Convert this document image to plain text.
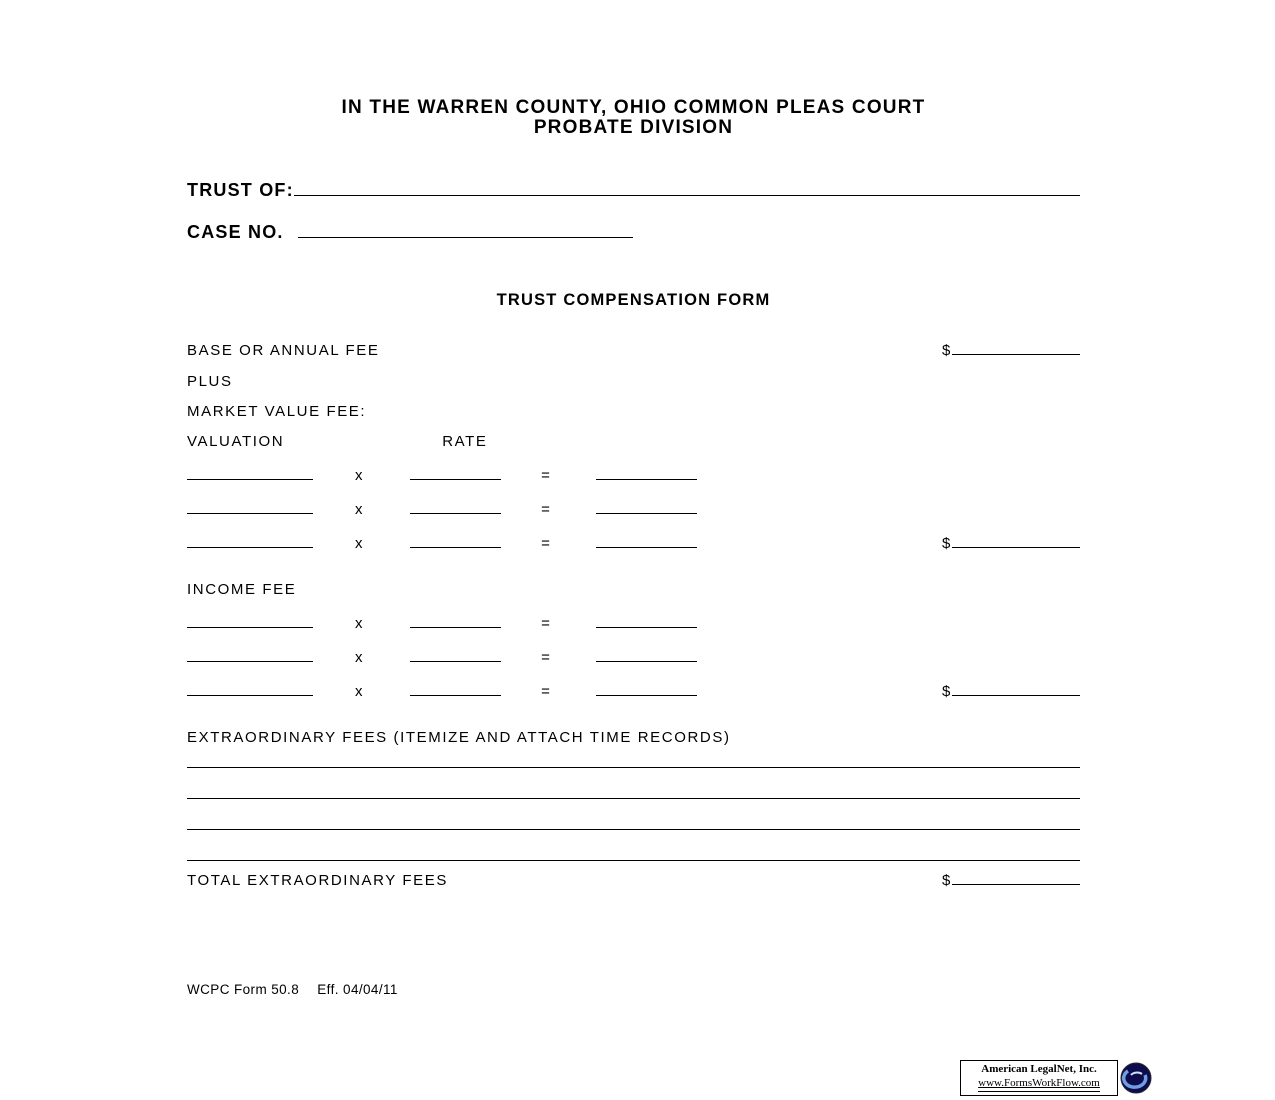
IN THE WARREN COUNTY, OHIO COMMON PLEAS COURT
PROBATE DIVISION
TRUST OF:
CASE NO.
TRUST COMPENSATION FORM
BASE OR ANNUAL FEE	$
PLUS
MARKET VALUE FEE:
VALUATION	RATE
x	=
x	=
x	=	$
INCOME FEE
x	=
x	=
x	=	$
EXTRAORDINARY FEES (ITEMIZE AND ATTACH TIME RECORDS)
TOTAL EXTRAORDINARY FEES	$
WCPC Form 50.8 Eff. 04/04/11
American LegalNet, Inc.
www.FormsWorkFlow.com
